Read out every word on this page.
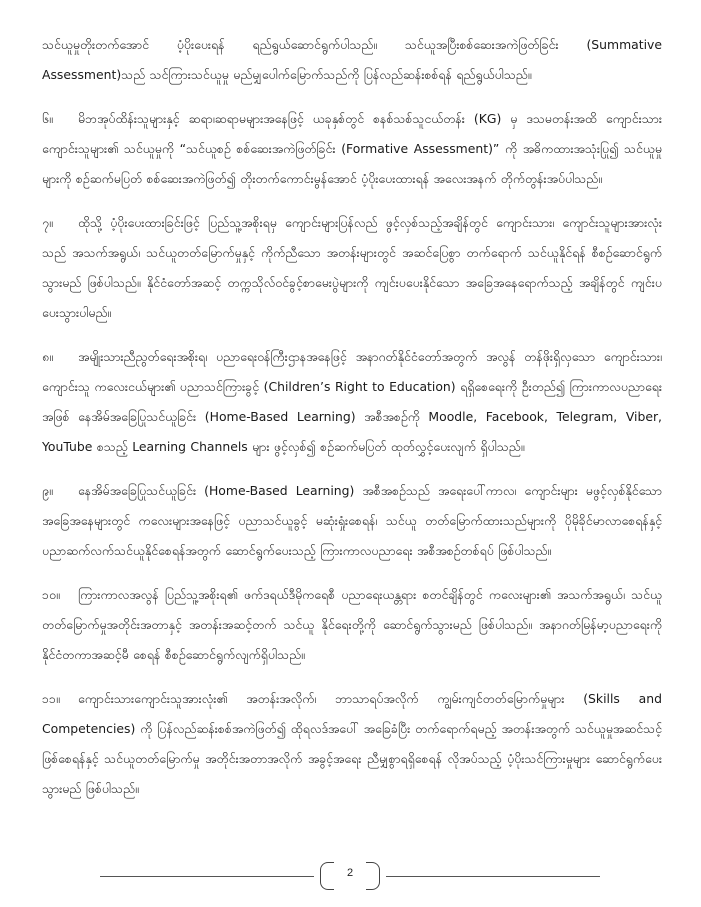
သင်ယူမှုတိုးတက်အောင် ပံ့ပိုးပေးရန် ရည်ရွယ်ဆောင်ရွက်ပါသည်။ သင်ယူအပြီးစစ်ဆေးအကဲဖြတ်ခြင်း (Summative Assessment)သည် သင်ကြားသင်ယူမှု မည်မျှပေါက်မြောက်သည်ကို ပြန်လည်ဆန်းစစ်ရန် ရည်ရွယ်ပါသည်။

၆။ မိဘအုပ်ထိန်းသူများနှင့် ဆရာ၊ဆရာမများအနေဖြင့် ယခုနှစ်တွင် စနစ်သစ်သူငယ်တန်း (KG) မှ ဒသမတန်းအထိ ကျောင်းသားကျောင်းသူများ၏ သင်ယူမှုကို “သင်ယူစဉ် စစ်ဆေးအကဲဖြတ်ခြင်း (Formative Assessment)” ကို အဓိကထားအသုံးပြု၍ သင်ယူမှုများကို စဉ်ဆက်မပြတ် စစ်ဆေးအကဲဖြတ်၍ တိုးတက်ကောင်းမွန်အောင် ပံ့ပိုးပေးထားရန် အလေးအနက် တိုက်တွန်းအပ်ပါသည်။

၇။ ထိုသို့ ပံ့ပိုးပေးထားခြင်းဖြင့် ပြည်သူ့အစိုးရမှ ကျောင်းများပြန်လည် ဖွင့်လှစ်သည့်အချိန်တွင် ကျောင်းသား၊ ကျောင်းသူများအားလုံးသည် အသက်အရွယ်၊ သင်ယူတတ်မြောက်မှုနှင့် ကိုက်ညီသော အတန်းများတွင် အဆင်ပြေစွာ တက်ရောက် သင်ယူနိုင်ရန် စီစဉ်ဆောင်ရွက်သွားမည် ဖြစ်ပါသည်။ နိုင်ငံတော်အဆင့် တက္ကသိုလ်ဝင်ခွင့်စာမေးပွဲများကို ကျင်းပပေးနိုင်သော အခြေအနေရောက်သည့် အချိန်တွင် ကျင်းပပေးသွားပါမည်။

၈။ အမျိုးသားညီညွတ်ရေးအစိုးရ၊ ပညာရေးဝန်ကြီးဌာနအနေဖြင့် အနာဂတ်နိုင်ငံတော်အတွက် အလွန် တန်ဖိုးရှိလှသော ကျောင်းသား၊ ကျောင်းသူ ကလေးငယ်များ၏ ပညာသင်ကြားခွင့် (Children’s Right to Education) ရရှိစေရေးကို ဦးတည်၍ ကြားကာလပညာရေးအဖြစ် နေအိမ်အခြေပြုသင်ယူခြင်း (Home-Based Learning) အစီအစဉ်ကို Moodle, Facebook, Telegram, Viber, YouTube စသည့် Learning Channels များ ဖွင့်လှစ်၍ စဉ်ဆက်မပြတ် ထုတ်လွှင့်ပေးလျက် ရှိပါသည်။

၉။ နေအိမ်အခြေပြုသင်ယူခြင်း (Home-Based Learning) အစီအစဉ်သည် အရေးပေါ်ကာလ၊ ကျောင်းများ မဖွင့်လှစ်နိုင်သော အခြေအနေများတွင် ကလေးများအနေဖြင့် ပညာသင်ယူခွင့် မဆုံးရှုံးစေရန်၊ သင်ယူ တတ်မြောက်ထားသည်များကို ပိုမိုခိုင်မာလာစေရန်နှင့် ပညာဆက်လက်သင်ယူနိုင်စေရန်အတွက် ဆောင်ရွက်ပေးသည့် ကြားကာလပညာရေး အစီအစဉ်တစ်ရပ် ဖြစ်ပါသည်။

၁၀။ ကြားကာလအလွန် ပြည်သူ့အစိုးရ၏ ဖက်ဒရယ်ဒီမိုကရေစီ ပညာရေးယန္တရား စတင်ချိန်တွင် ကလေးများ၏ အသက်အရွယ်၊ သင်ယူတတ်မြောက်မှုအတိုင်းအတာနှင့် အတန်းအဆင့်တက် သင်ယူ နိုင်ရေးတို့ကို ဆောင်ရွက်သွားမည် ဖြစ်ပါသည်။ အနာဂတ်မြန်မာ့ပညာရေးကို နိုင်ငံတကာအဆင့်မီ စေရန် စီစဉ်ဆောင်ရွက်လျက်ရှိပါသည်။

၁၁။ ကျောင်းသားကျောင်းသူအားလုံး၏ အတန်းအလိုက်၊ ဘာသာရပ်အလိုက် ကျွမ်းကျင်တတ်မြောက်မှုများ (Skills and Competencies) ကို ပြန်လည်ဆန်းစစ်အကဲဖြတ်၍ ထိုရလဒ်အပေါ် အခြေခံပြီး တက်ရောက်ရမည့် အတန်းအတွက် သင်ယူမှုအဆင်သင့်ဖြစ်စေရန်နှင့် သင်ယူတတ်မြောက်မှု အတိုင်းအတာအလိုက် အခွင့်အရေး ညီမျှစွာရရှိစေရန် လိုအပ်သည့် ပံ့ပိုးသင်ကြားမှုများ ဆောင်ရွက်ပေးသွားမည် ဖြစ်ပါသည်။

2
